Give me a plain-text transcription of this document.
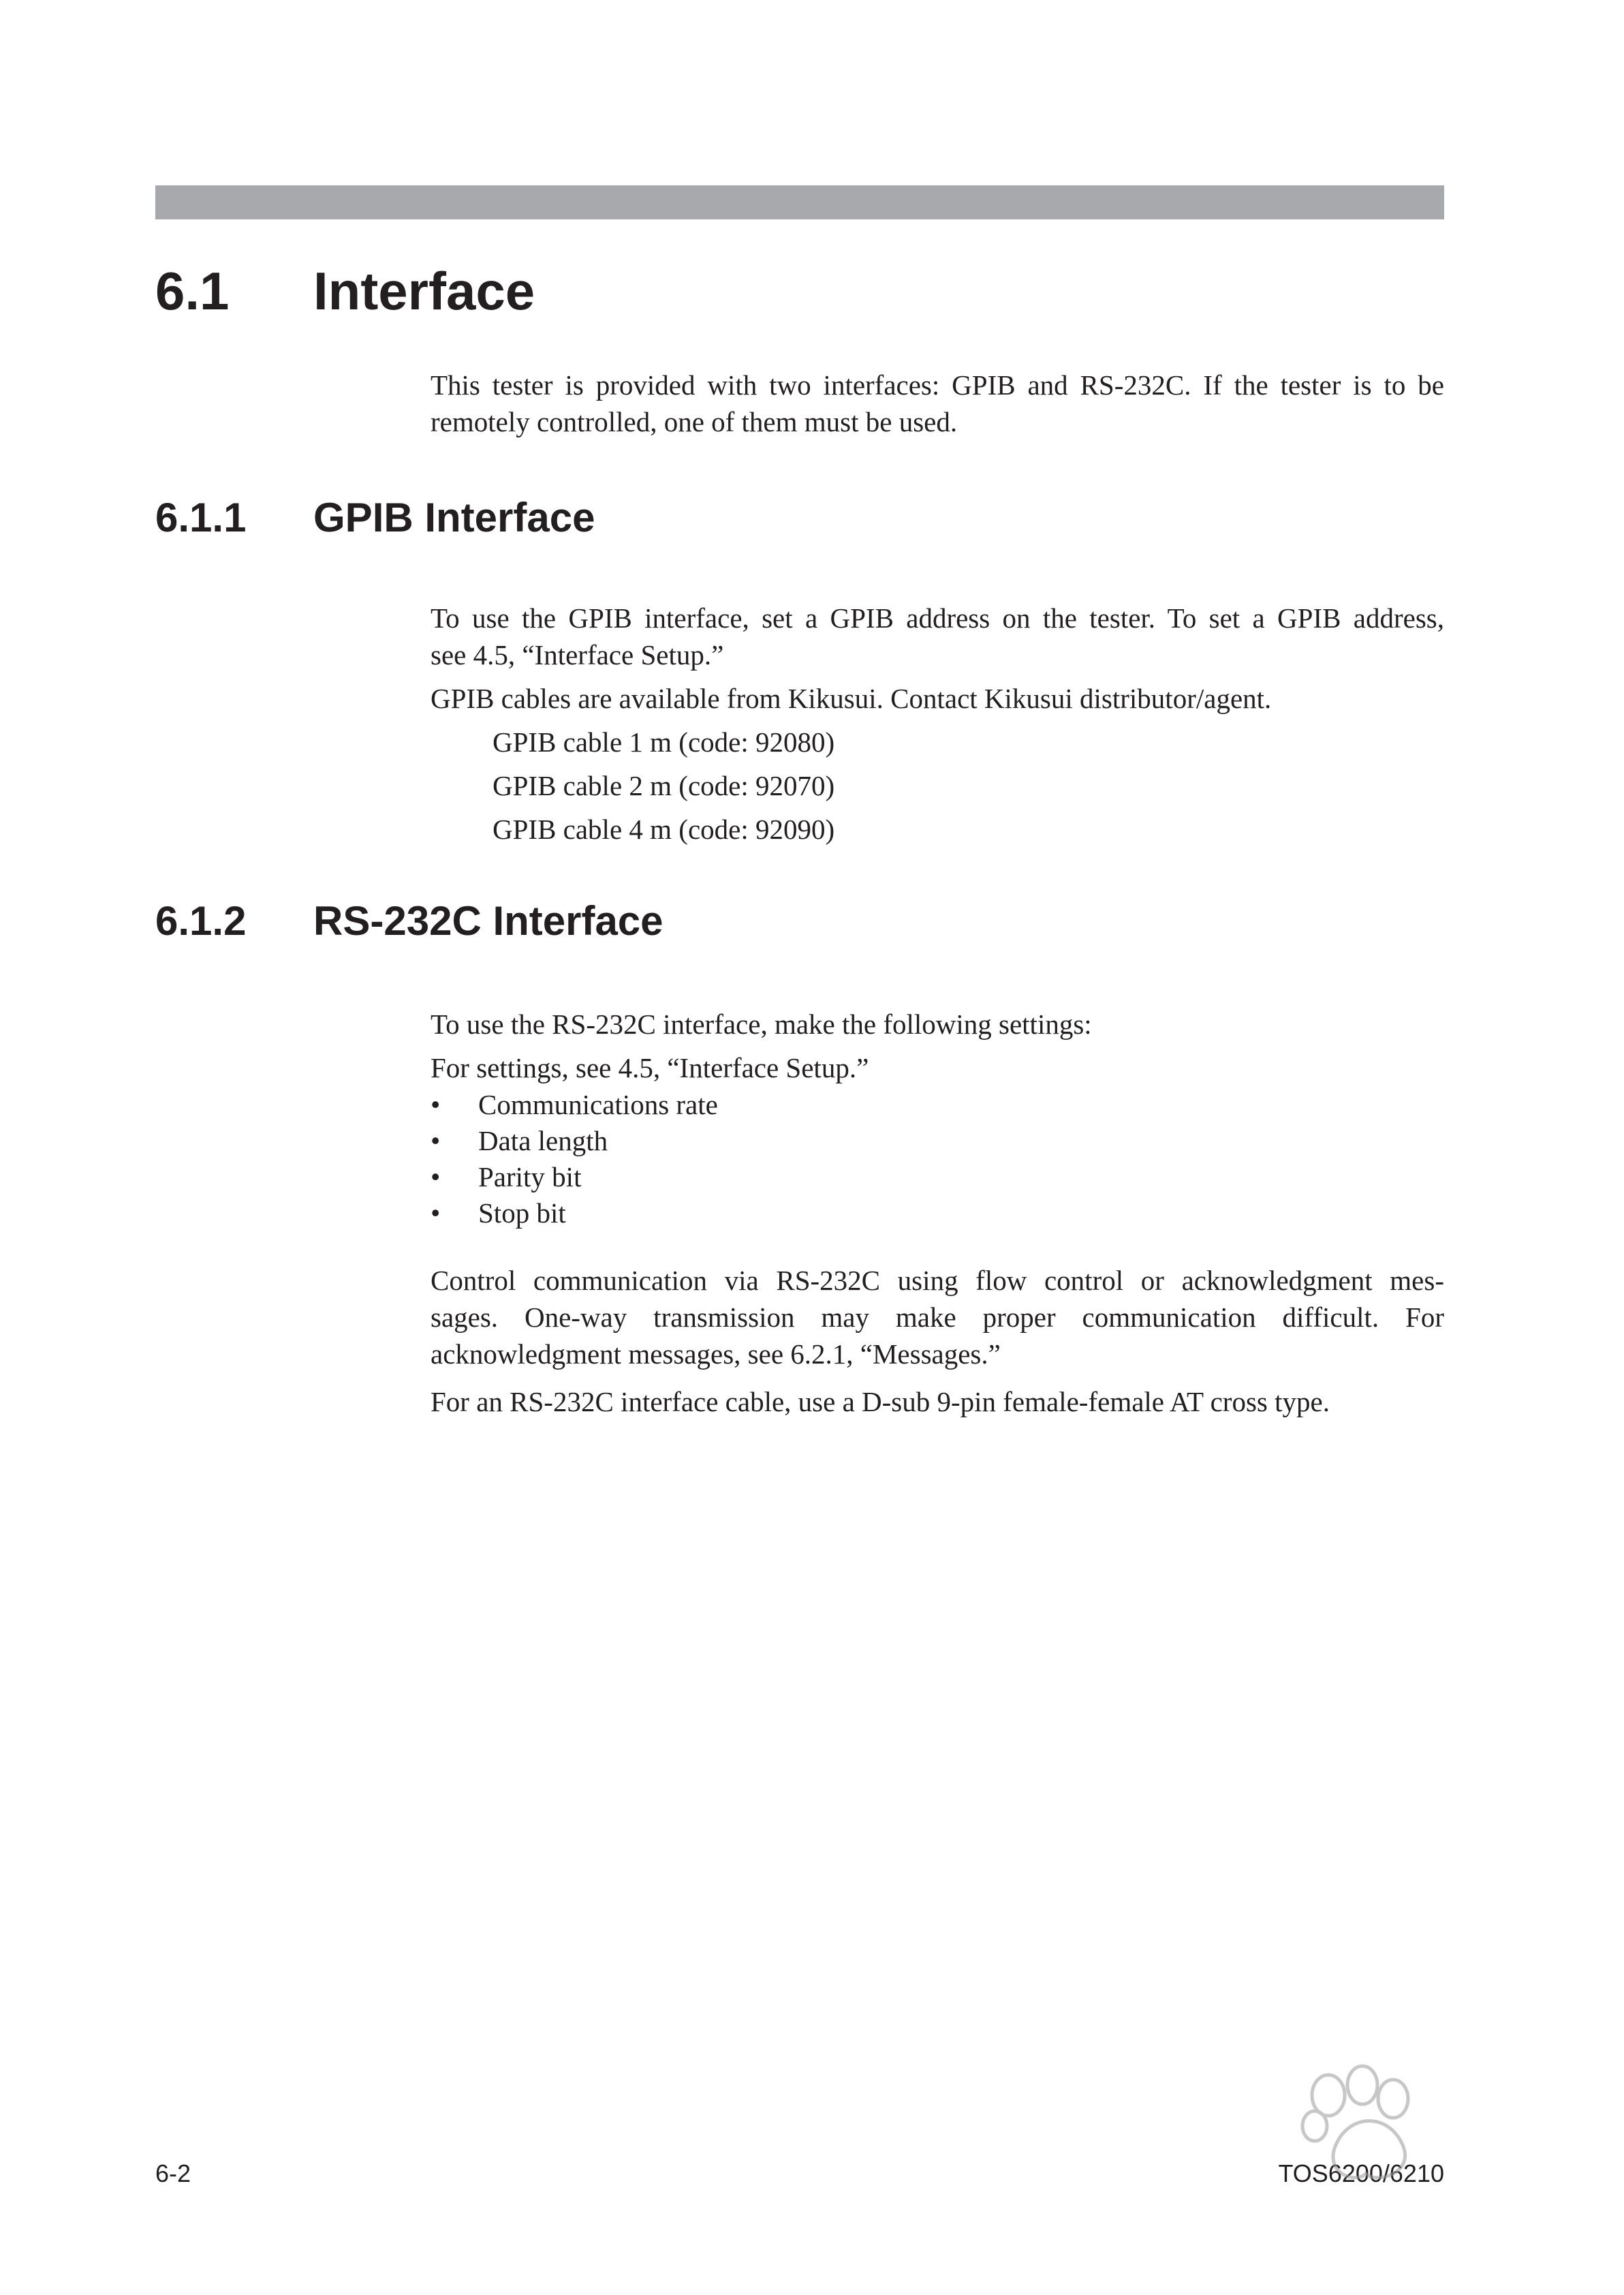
6.1 Interface
This tester is provided with two interfaces: GPIB and RS-232C. If the tester is to be
remotely controlled, one of them must be used.
6.1.1 GPIB Interface
To use the GPIB interface, set a GPIB address on the tester. To set a GPIB address,
see 4.5, “Interface Setup.”
GPIB cables are available from Kikusui. Contact Kikusui distributor/agent.
GPIB cable 1 m (code: 92080)
GPIB cable 2 m (code: 92070)
GPIB cable 4 m (code: 92090)
6.1.2 RS-232C Interface
To use the RS-232C interface, make the following settings:
For settings, see 4.5, “Interface Setup.”
• Communications rate
• Data length
• Parity bit
• Stop bit
Control communication via RS-232C using flow control or acknowledgment mes-
sages. One-way transmission may make proper communication difficult. For
acknowledgment messages, see 6.2.1, “Messages.”
For an RS-232C interface cable, use a D-sub 9-pin female-female AT cross type.
6-2	TOS6200/6210
